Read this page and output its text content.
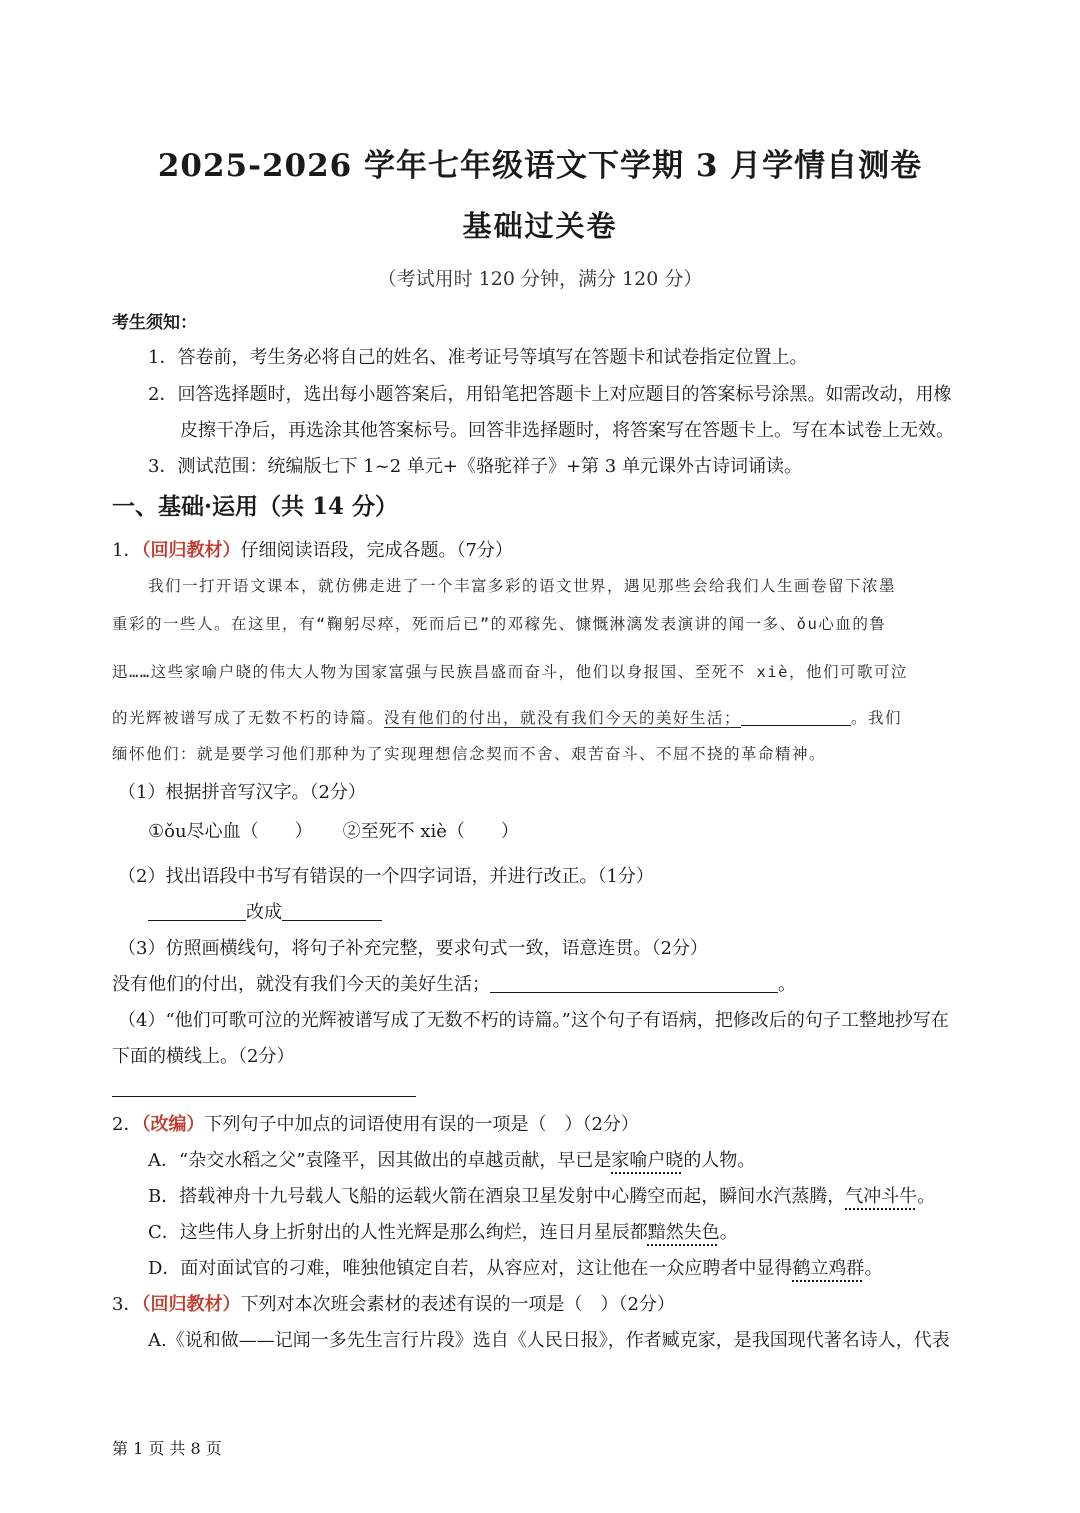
2025-2026 学年七年级语文下学期 3 月学情自测卷
基础过关卷
（考试用时 120 分钟，满分 120 分）
考生须知：
1．答卷前，考生务必将自己的姓名、准考证号等填写在答题卡和试卷指定位置上。
2．回答选择题时，选出每小题答案后，用铅笔把答题卡上对应题目的答案标号涂黑。如需改动，用橡
皮擦干净后，再选涂其他答案标号。回答非选择题时，将答案写在答题卡上。写在本试卷上无效。
3．测试范围：统编版七下 1~2 单元+《骆驼祥子》+第 3 单元课外古诗词诵读。
一、基础·运用（共 14 分）
1．（回归教材）仔细阅读语段，完成各题。（7分）
我们一打开语文课本，就仿佛走进了一个丰富多彩的语文世界，遇见那些会给我们人生画卷留下浓墨
重彩的一些人。在这里，有“鞠躬尽瘁，死而后已”的邓稼先、慷慨淋漓发表演讲的闻一多、ǒu心血的鲁
迅……这些家喻户晓的伟大人物为国家富强与民族昌盛而奋斗，他们以身报国、至死不 xiè，他们可歌可泣
的光辉被谱写成了无数不朽的诗篇。没有他们的付出，就没有我们今天的美好生活；	。我们
缅怀他们：就是要学习他们那种为了实现理想信念契而不舍、艰苦奋斗、不屈不挠的革命精神。
（1）根据拼音写汉字。（2分）
①ǒu尽心血（　　） ②至死不 xiè（　　）
（2）找出语段中书写有错误的一个四字词语，并进行改正。（1分）
改成
（3）仿照画横线句，将句子补充完整，要求句式一致，语意连贯。（2分）
没有他们的付出，就没有我们今天的美好生活；	。
（4）“他们可歌可泣的光辉被谱写成了无数不朽的诗篇。”这个句子有语病，把修改后的句子工整地抄写在
下面的横线上。（2分）
2．（改编）下列句子中加点的词语使用有误的一项是（　）（2分）
A．“杂交水稻之父”袁隆平，因其做出的卓越贡献，早已是家喻户晓的人物。
B．搭载神舟十九号载人飞船的运载火箭在酒泉卫星发射中心腾空而起，瞬间水汽蒸腾，气冲斗牛。
C．这些伟人身上折射出的人性光辉是那么绚烂，连日月星辰都黯然失色。
D．面对面试官的刁难，唯独他镇定自若，从容应对，这让他在一众应聘者中显得鹤立鸡群。
3．（回归教材）下列对本次班会素材的表述有误的一项是（　）（2分）
A.《说和做——记闻一多先生言行片段》选自《人民日报》，作者臧克家，是我国现代著名诗人，代表
第 1 页 共 8 页
